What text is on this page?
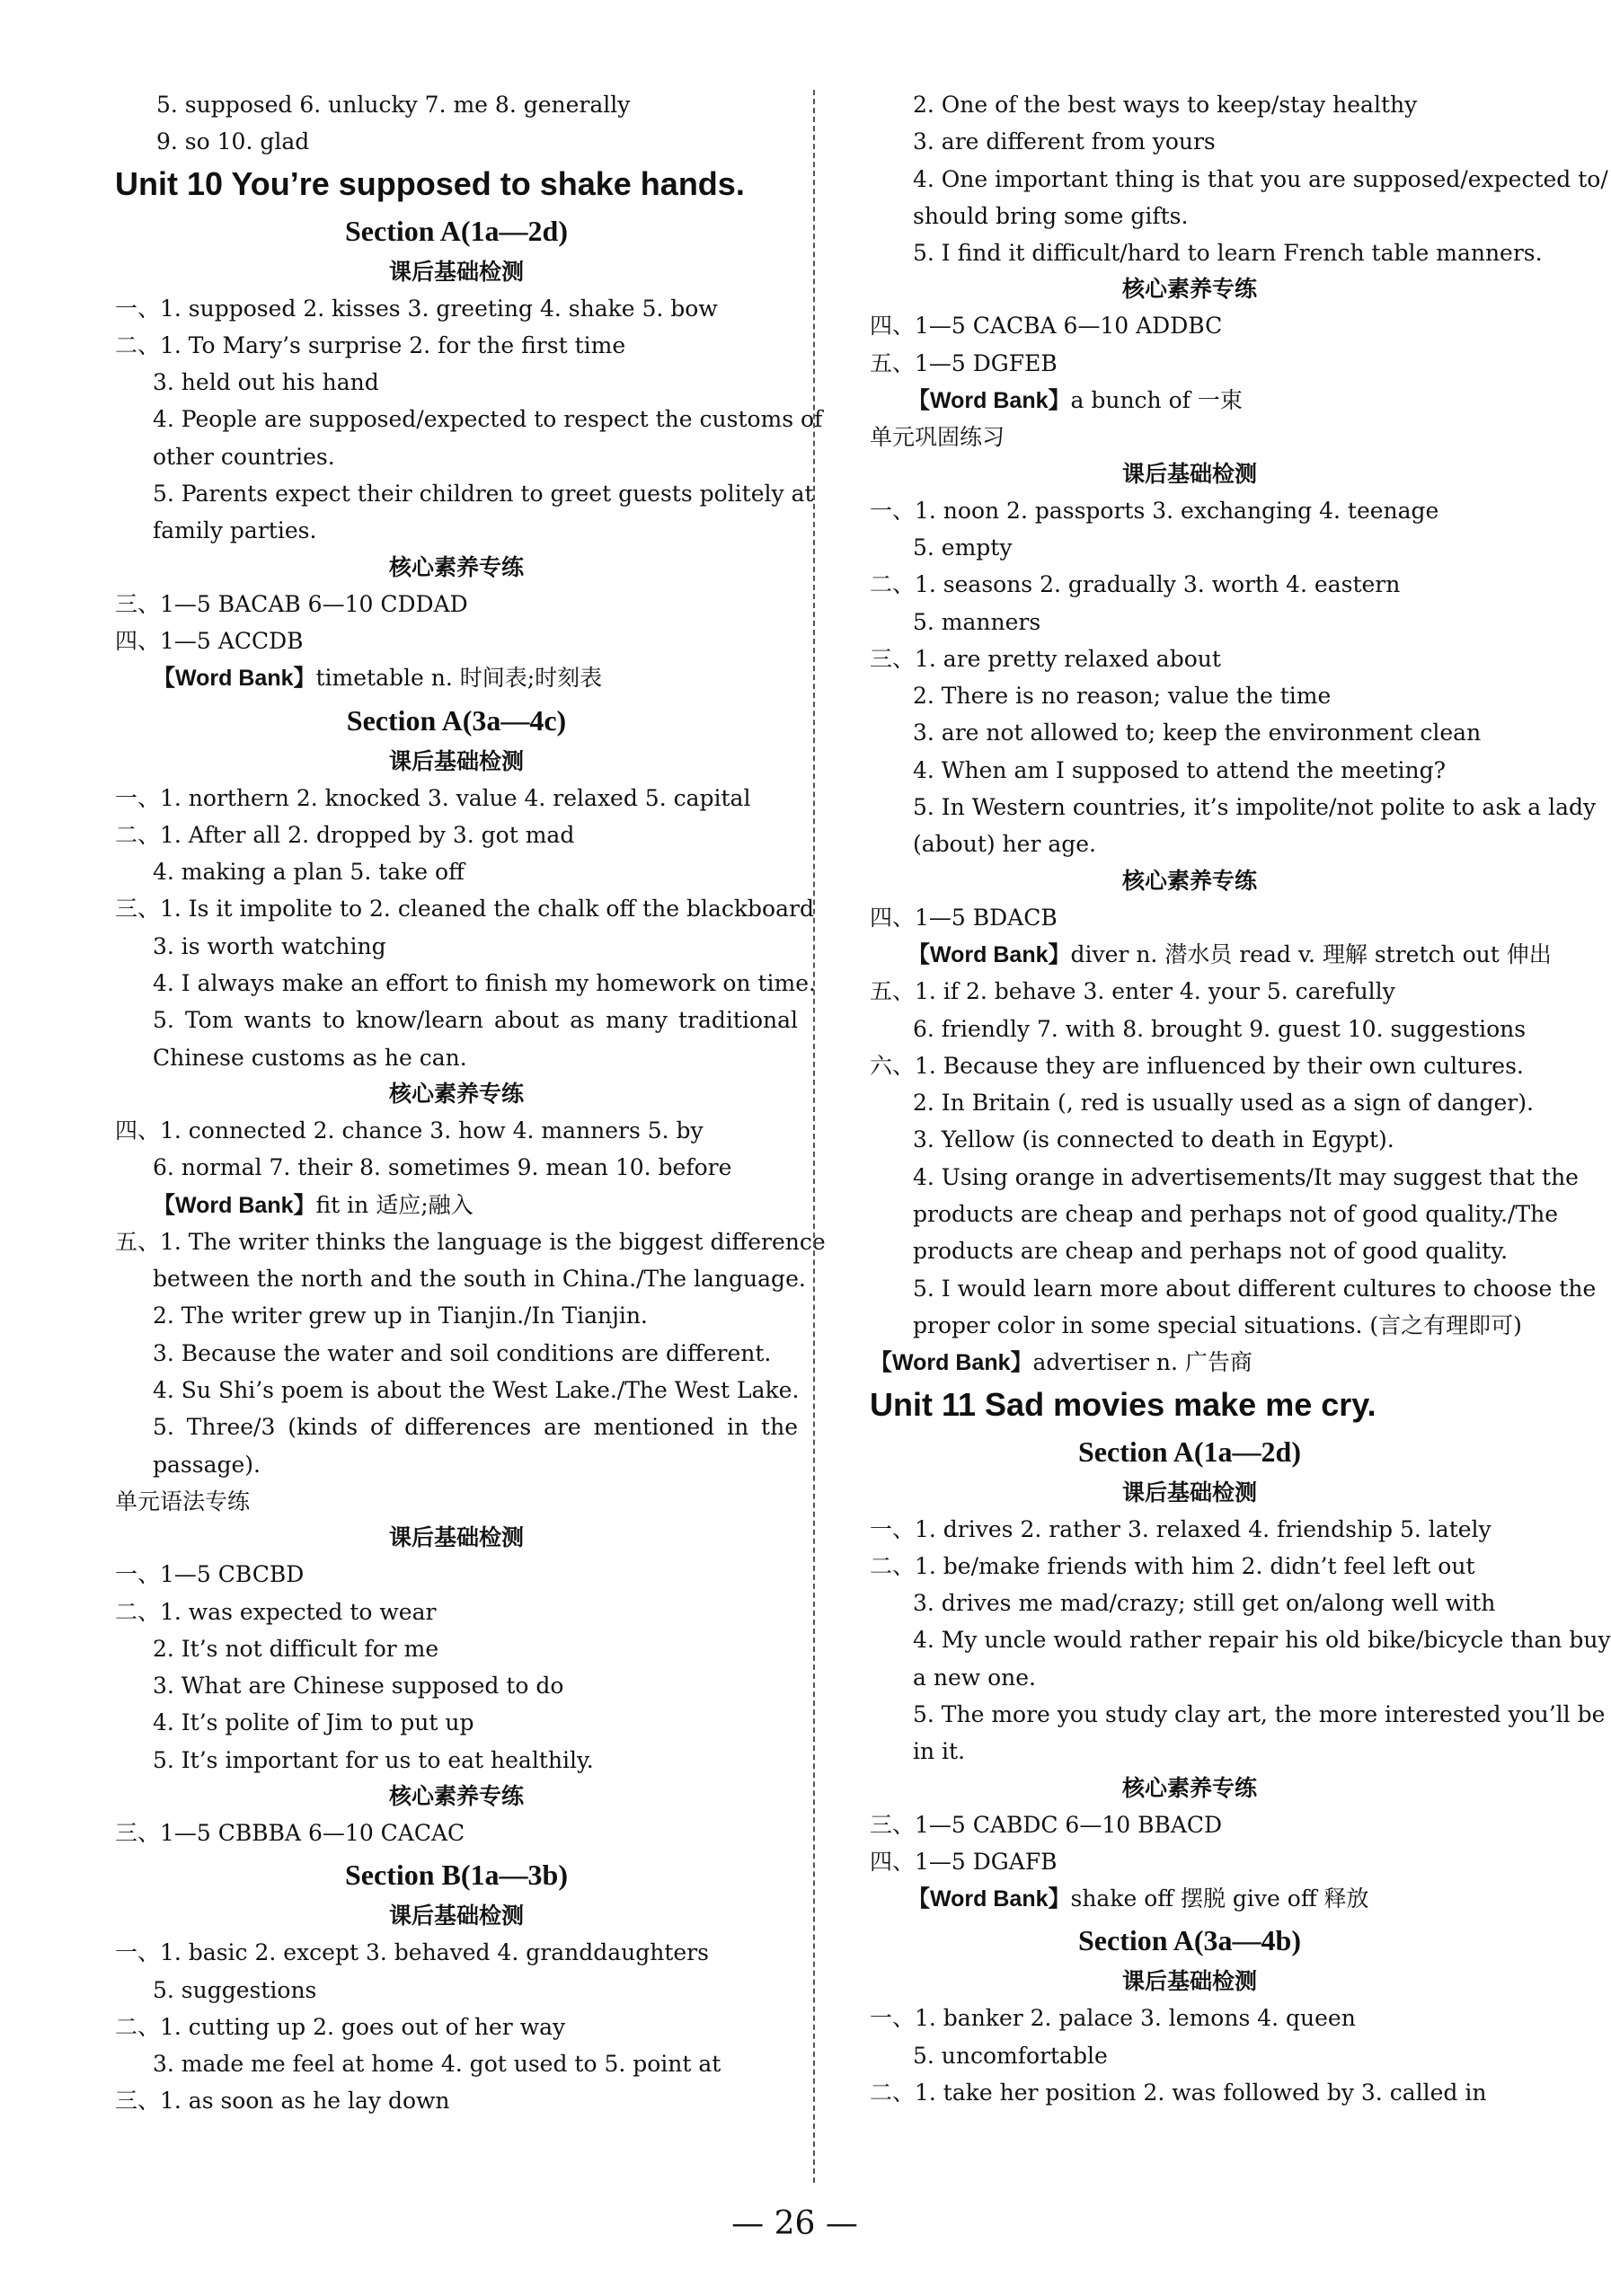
5. supposed 6. unlucky 7. me 8. generally
9. so 10. glad
Unit 10 You’re supposed to shake hands.
Section A(1a—2d)
课后基础检测
一、1. supposed 2. kisses 3. greeting 4. shake 5. bow
二、1. To Mary’s surprise 2. for the first time
3. held out his hand
4. People are supposed/expected to respect the customs of
other countries.
5. Parents expect their children to greet guests politely at
family parties.
核心素养专练
三、1—5 BACAB 6—10 CDDAD
四、1—5 ACCDB
【Word Bank】timetable n. 时间表;时刻表
Section A(3a—4c)
课后基础检测
一、1. northern 2. knocked 3. value 4. relaxed 5. capital
二、1. After all 2. dropped by 3. got mad
4. making a plan 5. take off
三、1. Is it impolite to 2. cleaned the chalk off the blackboard
3. is worth watching
4. I always make an effort to finish my homework on time.
5. Tom wants to know/learn about as many traditional
Chinese customs as he can.
核心素养专练
四、1. connected 2. chance 3. how 4. manners 5. by
6. normal 7. their 8. sometimes 9. mean 10. before
【Word Bank】fit in 适应;融入
五、1. The writer thinks the language is the biggest difference
between the north and the south in China./The language.
2. The writer grew up in Tianjin./In Tianjin.
3. Because the water and soil conditions are different.
4. Su Shi’s poem is about the West Lake./The West Lake.
5. Three/3 (kinds of differences are mentioned in the
passage).
单元语法专练
课后基础检测
一、1—5 CBCBD
二、1. was expected to wear
2. It’s not difficult for me
3. What are Chinese supposed to do
4. It’s polite of Jim to put up
5. It’s important for us to eat healthily.
核心素养专练
三、1—5 CBBBA 6—10 CACAC
Section B(1a—3b)
课后基础检测
一、1. basic 2. except 3. behaved 4. granddaughters
5. suggestions
二、1. cutting up 2. goes out of her way
3. made me feel at home 4. got used to 5. point at
三、1. as soon as he lay down
2. One of the best ways to keep/stay healthy
3. are different from yours
4. One important thing is that you are supposed/expected to/
should bring some gifts.
5. I find it difficult/hard to learn French table manners.
核心素养专练
四、1—5 CACBA 6—10 ADDBC
五、1—5 DGFEB
【Word Bank】a bunch of 一束
单元巩固练习
课后基础检测
一、1. noon 2. passports 3. exchanging 4. teenage
5. empty
二、1. seasons 2. gradually 3. worth 4. eastern
5. manners
三、1. are pretty relaxed about
2. There is no reason; value the time
3. are not allowed to; keep the environment clean
4. When am I supposed to attend the meeting?
5. In Western countries, it’s impolite/not polite to ask a lady
(about) her age.
核心素养专练
四、1—5 BDACB
【Word Bank】diver n. 潜水员 read v. 理解 stretch out 伸出
五、1. if 2. behave 3. enter 4. your 5. carefully
6. friendly 7. with 8. brought 9. guest 10. suggestions
六、1. Because they are influenced by their own cultures.
2. In Britain (, red is usually used as a sign of danger).
3. Yellow (is connected to death in Egypt).
4. Using orange in advertisements/It may suggest that the
products are cheap and perhaps not of good quality./The
products are cheap and perhaps not of good quality.
5. I would learn more about different cultures to choose the
proper color in some special situations. (言之有理即可)
【Word Bank】advertiser n. 广告商
Unit 11 Sad movies make me cry.
Section A(1a—2d)
课后基础检测
一、1. drives 2. rather 3. relaxed 4. friendship 5. lately
二、1. be/make friends with him 2. didn’t feel left out
3. drives me mad/crazy; still get on/along well with
4. My uncle would rather repair his old bike/bicycle than buy
a new one.
5. The more you study clay art, the more interested you’ll be
in it.
核心素养专练
三、1—5 CABDC 6—10 BBACD
四、1—5 DGAFB
【Word Bank】shake off 摆脱 give off 释放
Section A(3a—4b)
课后基础检测
一、1. banker 2. palace 3. lemons 4. queen
5. uncomfortable
二、1. take her position 2. was followed by 3. called in
— 26 —
